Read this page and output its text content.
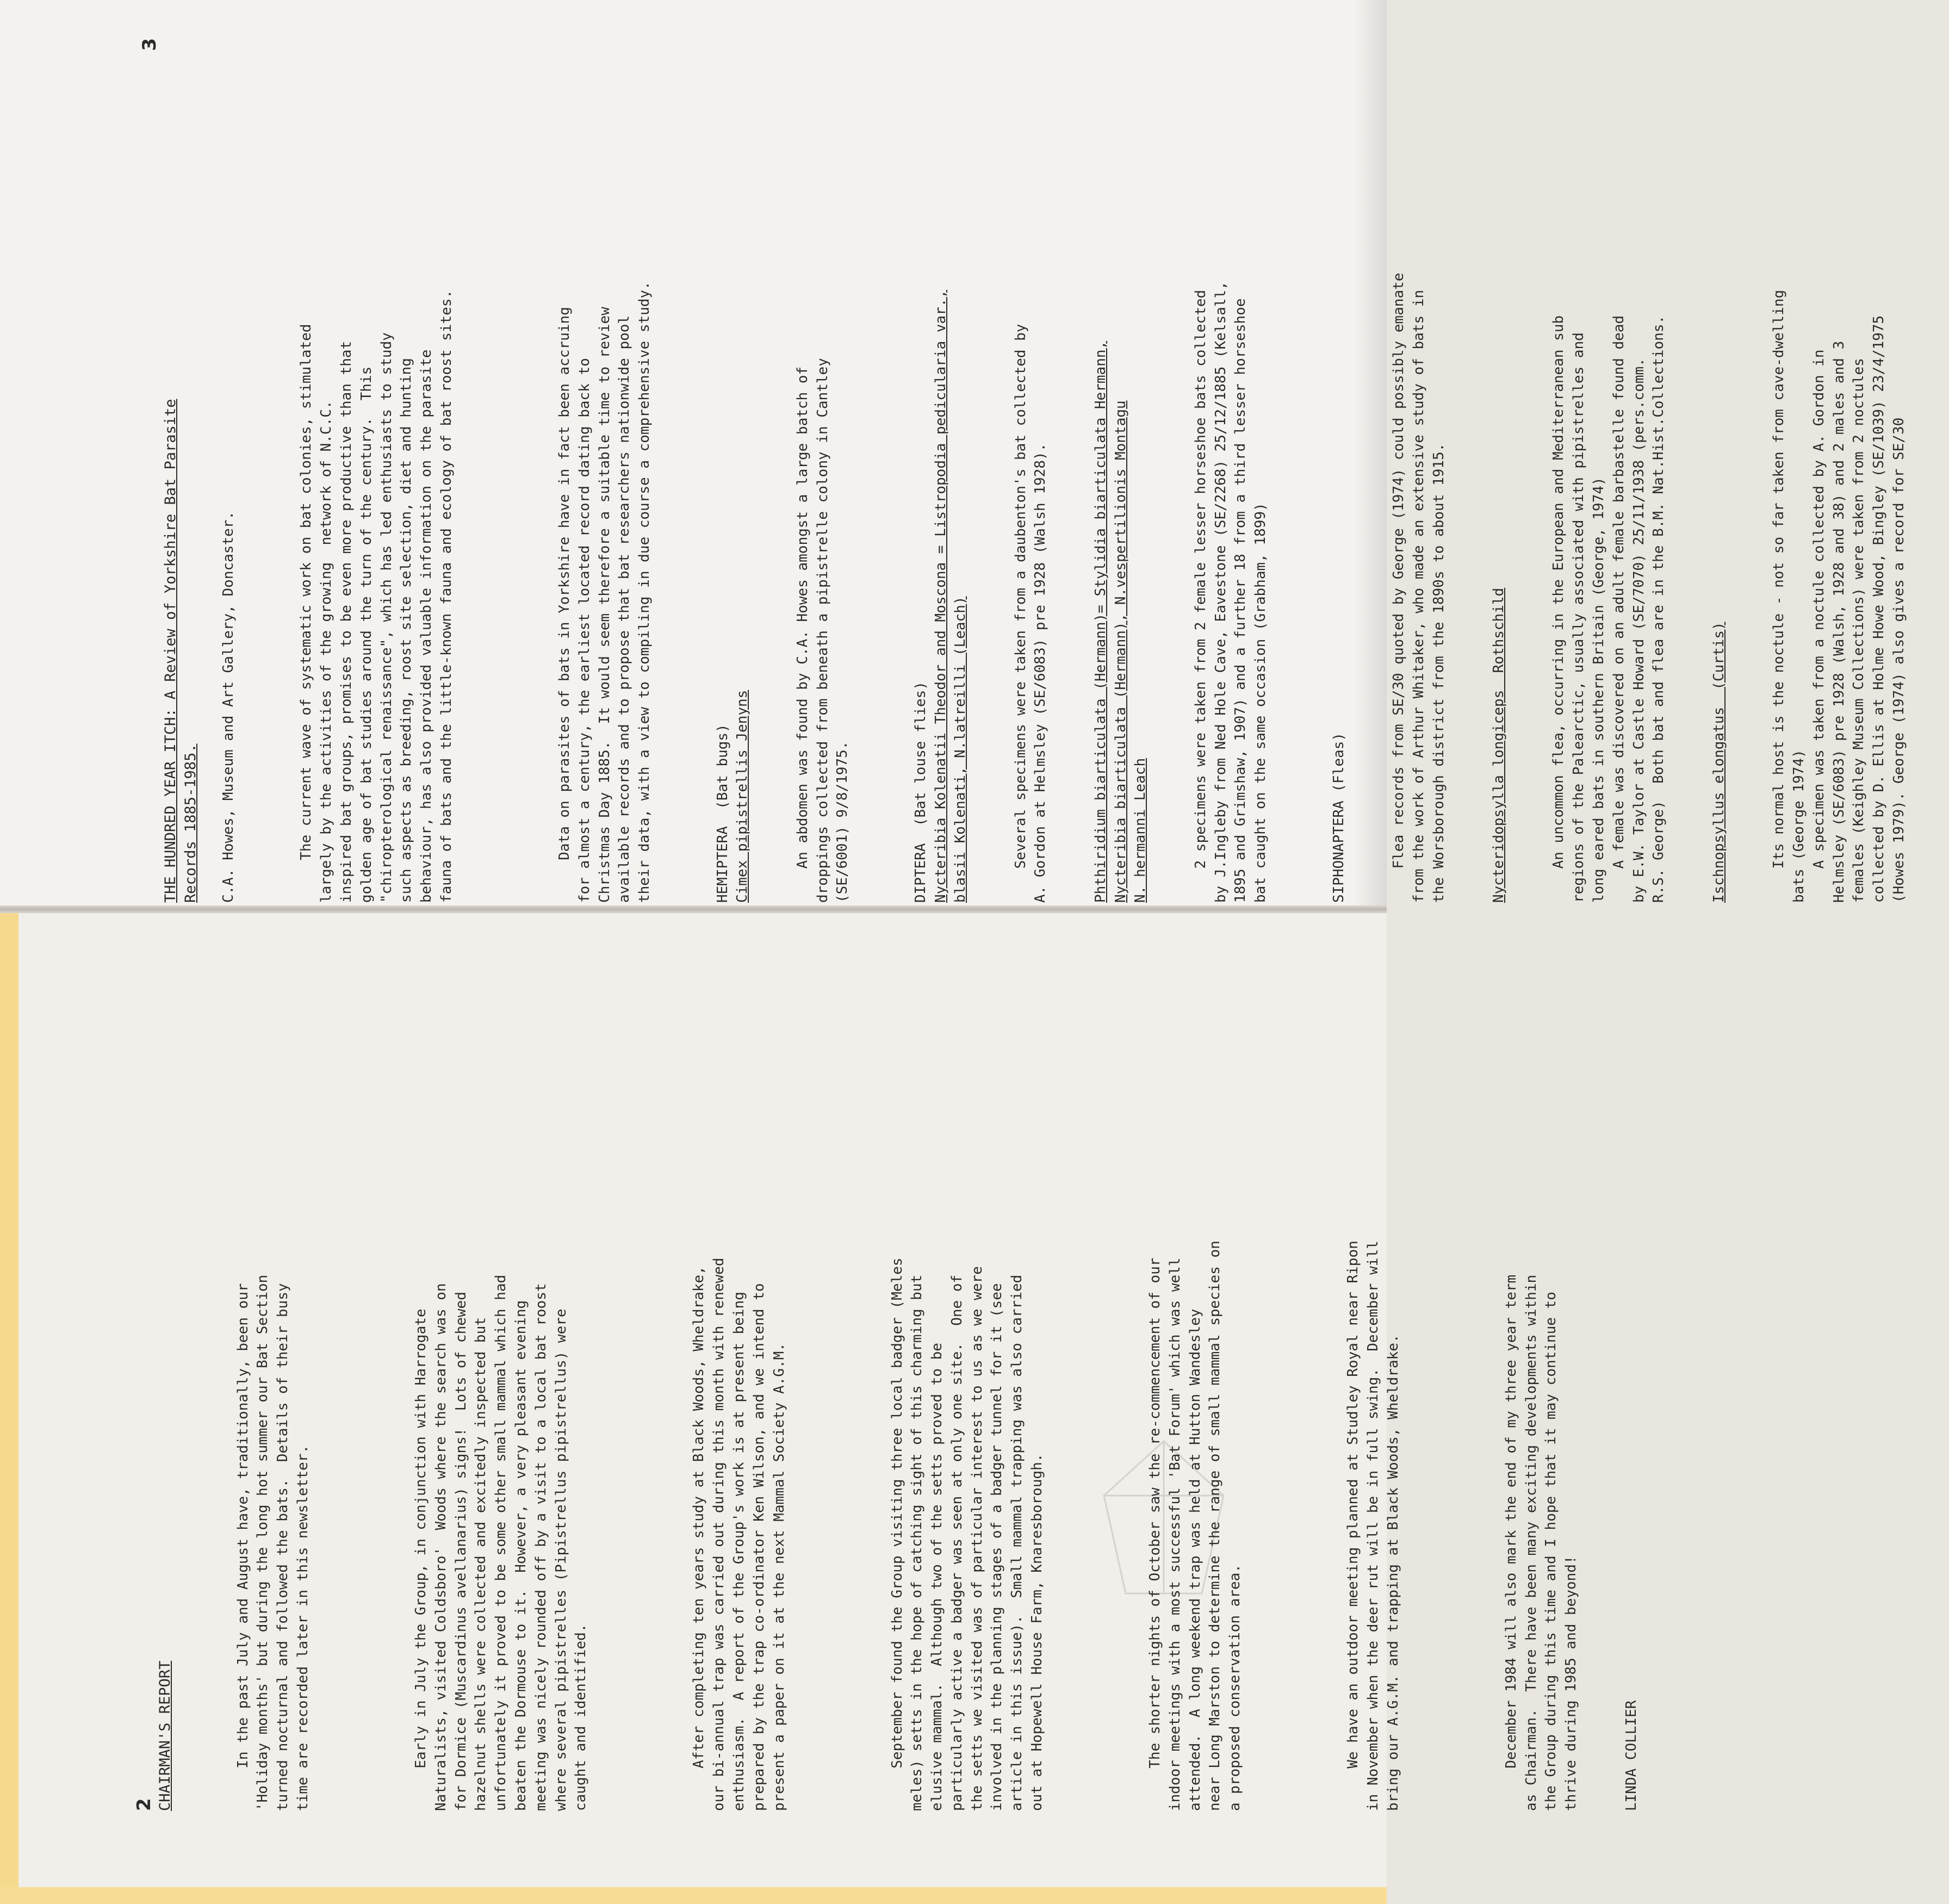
3
THE HUNDRED YEAR ITCH: A Review of Yorkshire Bat Parasite Records 1885-1985. C.A. Howes, Museum and Art Gallery, Doncaster.

	The current wave of systematic work on bat colonies, stimulated largely by the activities of the growing  network of N.C.C. inspired bat groups, promises to be even more productive than that golden age of bat studies around the turn of the century.  This "chiropterological renaissance", which has led enthusiasts to study such aspects as breeding, roost site selection, diet and hunting behaviour, has also provided valuable information on the parasite fauna of bats and the little-known fauna and ecology of bat roost sites.

	Data on parasites of bats in Yorkshire have in fact been accruing for almost a century, the earliest located record dating back to Christmas Day 1885.  It would seem therefore a suitable time to review available records and to propose that bat researchers nationwide pool their data, with a view to compiling in due course a comprehensive study.

	HEMIPTERA  (Bat bugs) Cimex pipistrellis Jenyns

	An abdomen was found by C.A. Howes amongst a large batch of droppings collected from beneath a pipistrelle colony in Cantley (SE/6001) 9/8/1975.

	DIPTERA  (Bat louse flies) Nycteribia Kolenatii Theodor and Moscona = Listropodia pedicularia var., blasii Kolenati, N.latreilli (Leach)

	Several specimens were taken from a daubenton's bat collected by A. Gordon at Helmsley (SE/6083) pre 1928 (Walsh 1928).

	Phthiridium biarticulata (Hermann)= Stylidia biarticulata Hermann, Nycteribia biarticulata (Hermann), N.vespertilionis Montagu N. hermanni Leach

	2 specimens were taken from 2 female lesser horseshoe bats collected by J.Ingleby from Ned Hole Cave, Eavestone (SE/2268) 25/12/1885 (Kelsall, 1895 and Grimshaw, 1907) and a further 18 from a third lesser horseshoe bat caught on the same occasion (Grabham, 1899)

	SIPHONAPTERA (Fleas)

	Flea records from SE/30 quoted by George (1974) could possibly emanate from the work of Arthur Whitaker, who made an extensive study of bats in the Worsborough district from the 1890s to about 1915.

	Nycteridopsylla longiceps  Rothschild

	An uncommon flea, occurring in the European and Mediterranean sub regions of the Palearctic, usually associated with pipistrelles and long eared bats in southern Britain (George, 1974) A female was discovered on an adult female barbastelle found dead by E.W. Taylor at Castle Howard (SE/7070) 25/11/1938 (pers.comm. R.S. George)  Both bat and flea are in the B.M. Nat.Hist.Collections.

	Ischnopsyllus elongatus  (Curtis)

	Its normal host is the noctule - not so far taken from cave-dwelling bats (George 1974) A specimen was taken from a noctule collected by A. Gordon in Helmsley (SE/6083) pre 1928 (Walsh, 1928 and 38) and 2 males and 3 females (Keighley Museum Collections) were taken from 2 noctules collected by D. Ellis at Holme Howe Wood, Bingley (SE/1039) 23/4/1975 (Howes 1979). George (1974) also gives a record for SE/30

2 CHAIRMAN'S REPORT

	In the past July and August have, traditionally, been our 'Holiday months' but during the long hot summer our Bat Section turned nocturnal and followed the bats.  Details of their busy time are recorded later in this newsletter.

	Early in July the Group, in conjunction with Harrogate Naturalists, visited Coldsboro'  Woods where the search was on for Dormice (Muscardinus avellanarius) signs!  Lots of chewed hazelnut shells were collected and excitedly inspected but unfortunately it proved to be some other small mammal which had beaten the Dormouse to it.  However, a very pleasant evening meeting was nicely rounded off by a visit to a local bat roost where several pipistrelles (Pipistrellus pipistrellus) were caught and identified.

	After completing ten years study at Black Woods, Wheldrake, our bi-annual trap was carried out during this month with renewed enthusiasm.  A report of the Group's work is at present being prepared by the trap co-ordinator Ken Wilson, and we intend to present a paper on it at the next Mammal Society A.G.M.

	September found the Group visiting three local badger (Meles meles) setts in the hope of catching sight of this charming but elusive mammal.  Although two of the setts proved to be particularly active a badger was seen at only one site.  One of the setts we visited was of particular interest to us as we were involved in the planning stages of a badger tunnel for it (see article in this issue).  Small mammal trapping was also carried out at Hopewell House Farm, Knaresborough.

	The shorter nights of October saw the re-commencement of our indoor meetings with a most successful 'Bat Forum' which was well attended.  A long weekend trap was held at Hutton Wandesley near Long Marston to determine the range of small mammal species on a proposed conservation area.

	We have an outdoor meeting planned at Studley Royal near Ripon in November when the deer rut will be in full swing.  December will bring our A.G.M. and trapping at Black Woods, Wheldrake.

	December 1984 will also mark the end of my three year term as Chairman.  There have been many exciting developments within the Group during this time and I hope that it may continue to thrive during 1985 and beyond!

	LINDA COLLIER
